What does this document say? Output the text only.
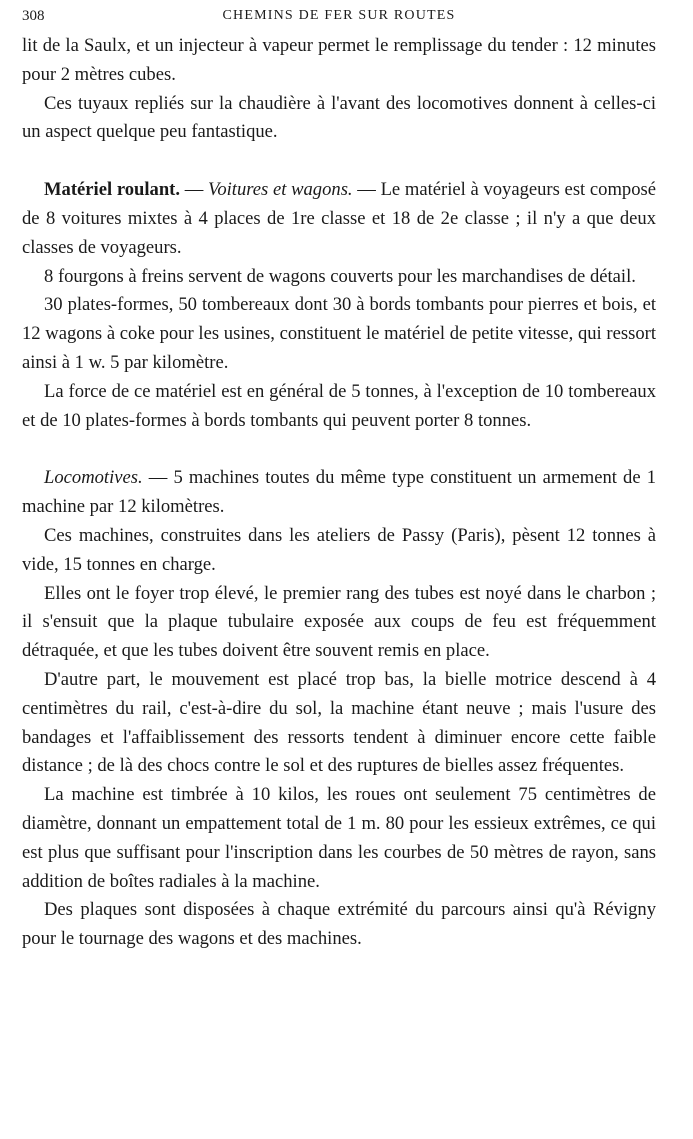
308	CHEMINS DE FER SUR ROUTES

lit de la Saulx, et un injecteur à vapeur permet le remplissage du tender : 12 minutes pour 2 mètres cubes.

Ces tuyaux repliés sur la chaudière à l'avant des locomotives donnent à celles-ci un aspect quelque peu fantastique.

Matériel roulant. — Voitures et wagons. — Le matériel à voyageurs est composé de 8 voitures mixtes à 4 places de 1re classe et 18 de 2e classe ; il n'y a que deux classes de voyageurs.

8 fourgons à freins servent de wagons couverts pour les marchandises de détail.

30 plates-formes, 50 tombereaux dont 30 à bords tombants pour pierres et bois, et 12 wagons à coke pour les usines, constituent le matériel de petite vitesse, qui ressort ainsi à 1 w. 5 par kilomètre.

La force de ce matériel est en général de 5 tonnes, à l'exception de 10 tombereaux et de 10 plates-formes à bords tombants qui peuvent porter 8 tonnes.

Locomotives. — 5 machines toutes du même type constituent un armement de 1 machine par 12 kilomètres.

Ces machines, construites dans les ateliers de Passy (Paris), pèsent 12 tonnes à vide, 15 tonnes en charge.

Elles ont le foyer trop élevé, le premier rang des tubes est noyé dans le charbon ; il s'ensuit que la plaque tubulaire exposée aux coups de feu est fréquemment détraquée, et que les tubes doivent être souvent remis en place.

D'autre part, le mouvement est placé trop bas, la bielle motrice descend à 4 centimètres du rail, c'est-à-dire du sol, la machine étant neuve ; mais l'usure des bandages et l'affaiblissement des ressorts tendent à diminuer encore cette faible distance ; de là des chocs contre le sol et des ruptures de bielles assez fréquentes.

La machine est timbrée à 10 kilos, les roues ont seulement 75 centimètres de diamètre, donnant un empattement total de 1 m. 80 pour les essieux extrêmes, ce qui est plus que suffisant pour l'inscription dans les courbes de 50 mètres de rayon, sans addition de boîtes radiales à la machine.

Des plaques sont disposées à chaque extrémité du parcours ainsi qu'à Révigny pour le tournage des wagons et des machines.
